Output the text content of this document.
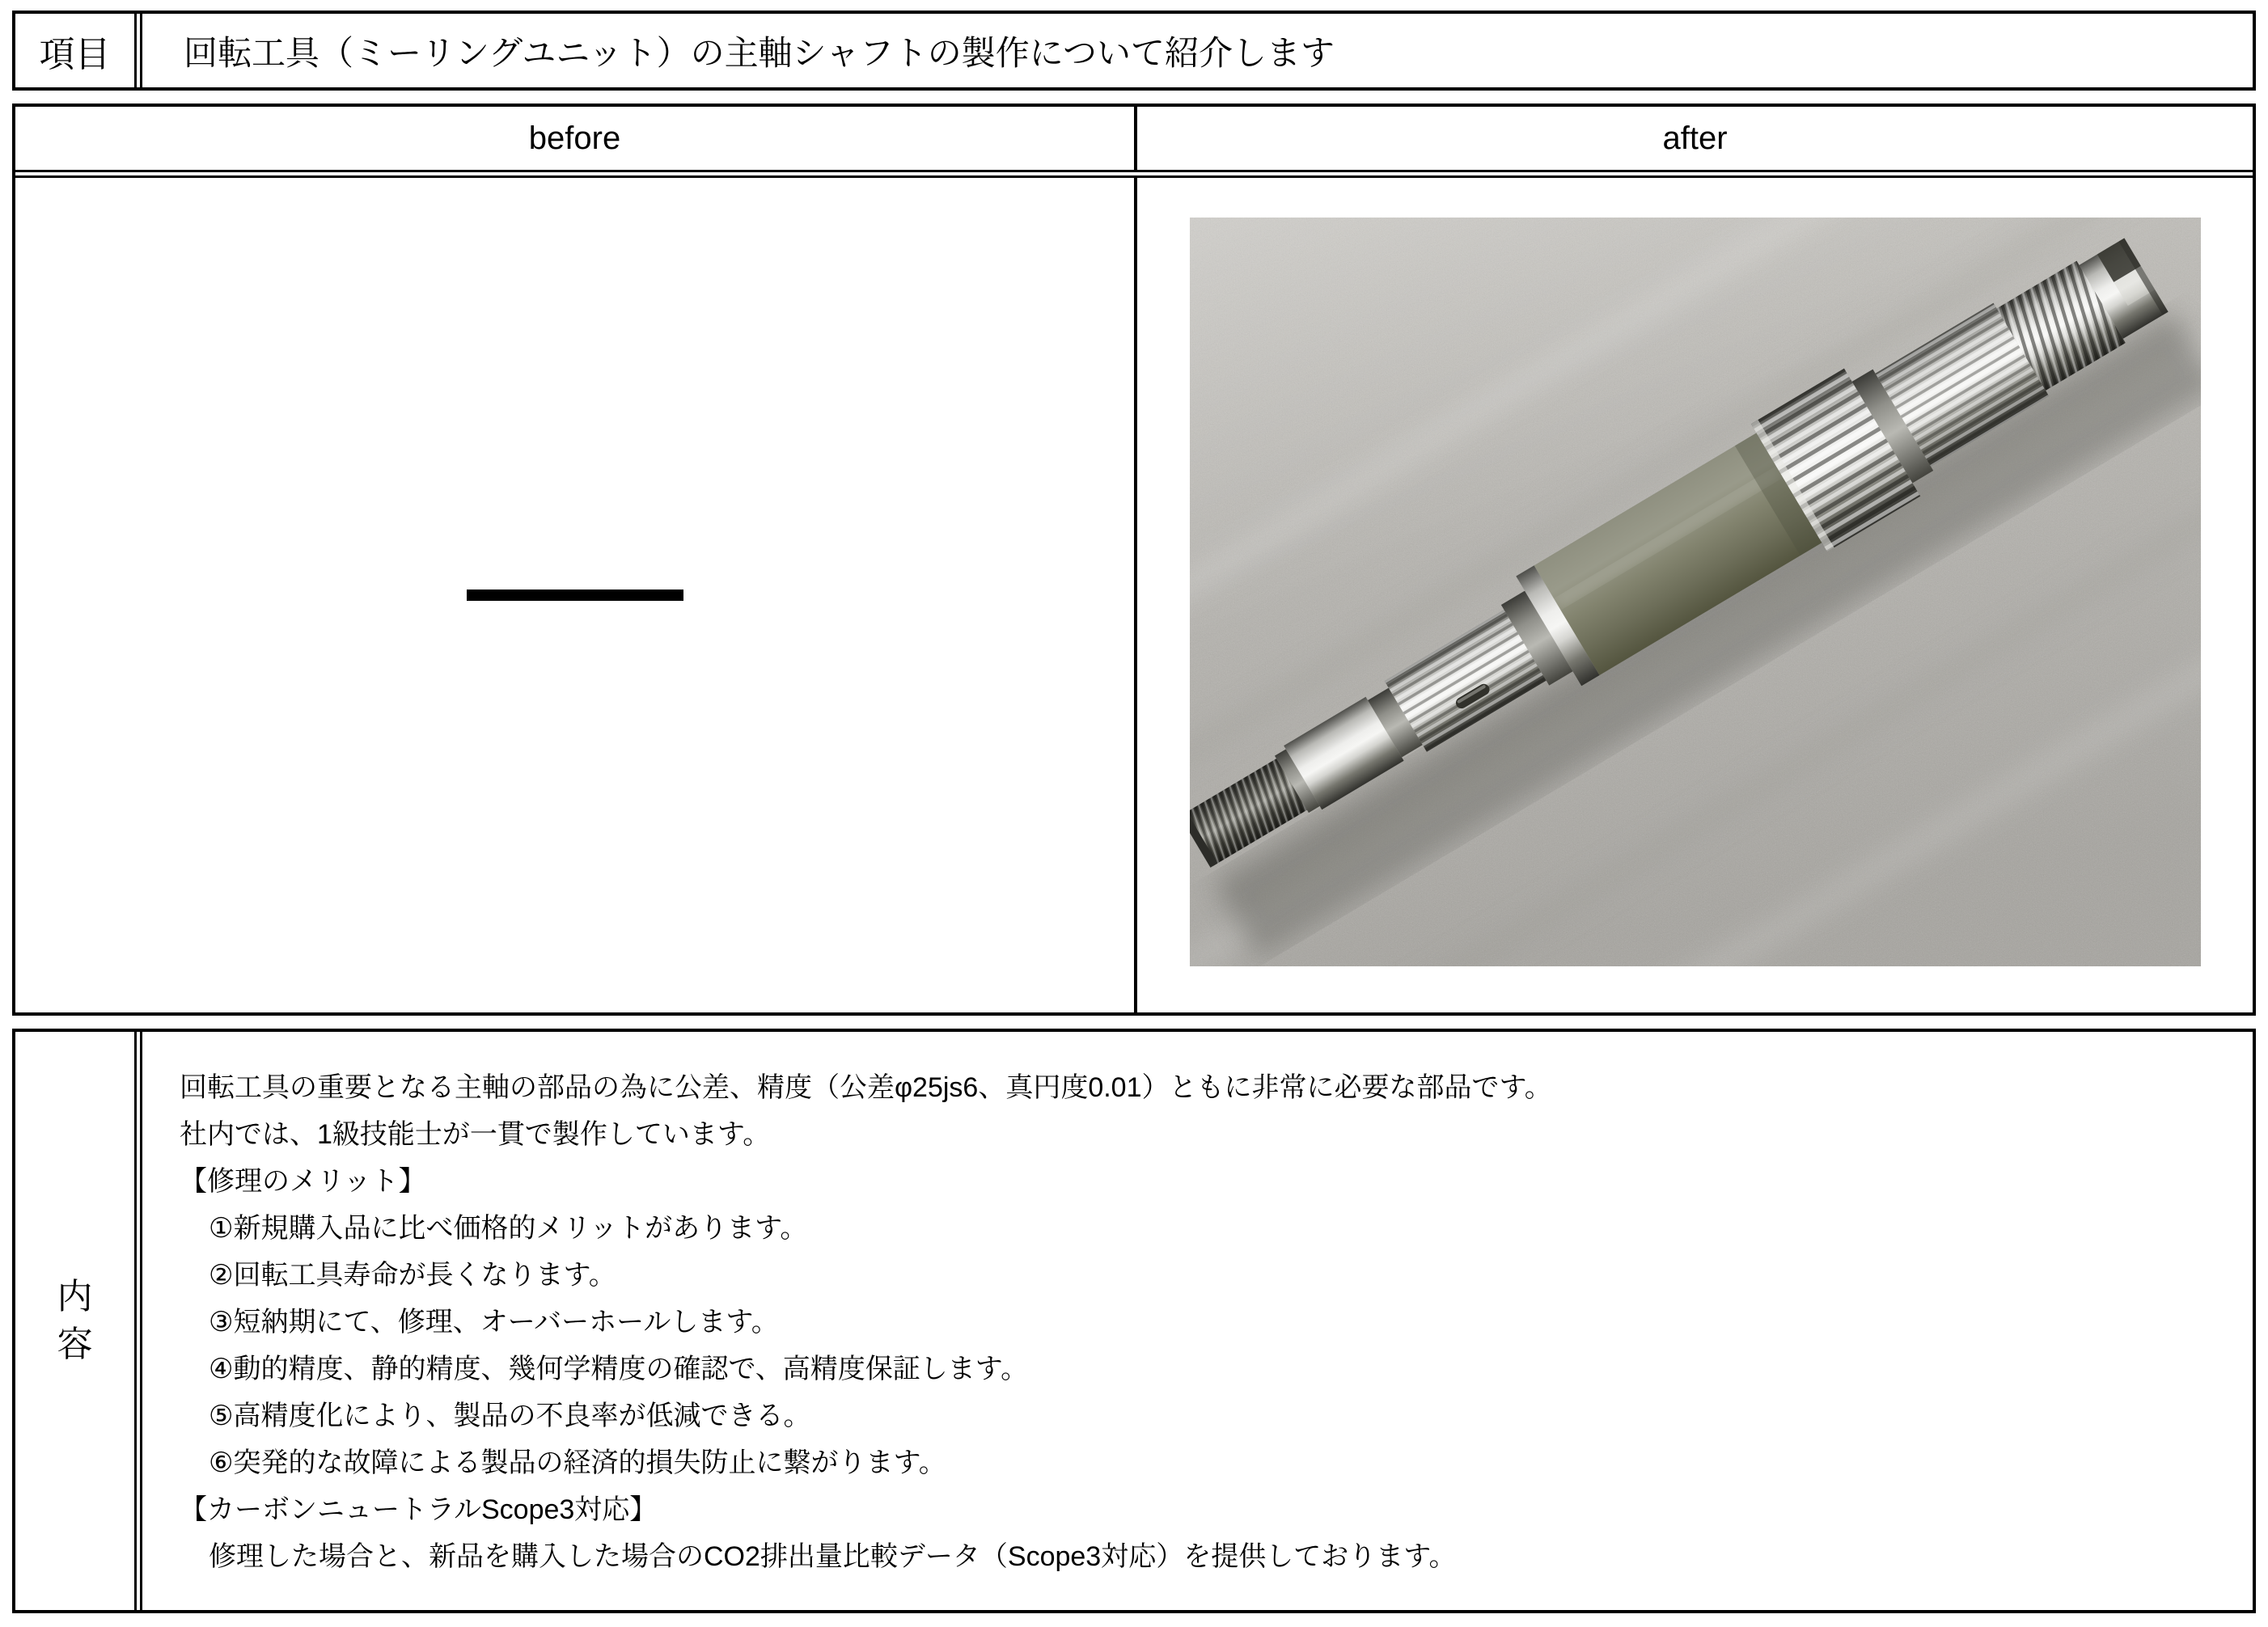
項目	回転工具（ミーリングユニット）の主軸シャフトの製作について紹介します
before	after
内容
回転工具の重要となる主軸の部品の為に公差、精度（公差φ25js6、真円度0.01）ともに非常に必要な部品です。
社内では、1級技能士が一貫で製作しています。
【修理のメリット】
①新規購入品に比べ価格的メリットがあります。
②回転工具寿命が長くなります。
③短納期にて、修理、オーバーホールします。
④動的精度、静的精度、幾何学精度の確認で、高精度保証します。
⑤高精度化により、製品の不良率が低減できる。
⑥突発的な故障による製品の経済的損失防止に繋がります。
【カーボンニュートラルScope3対応】
修理した場合と、新品を購入した場合のCO2排出量比較データ（Scope3対応）を提供しております。
